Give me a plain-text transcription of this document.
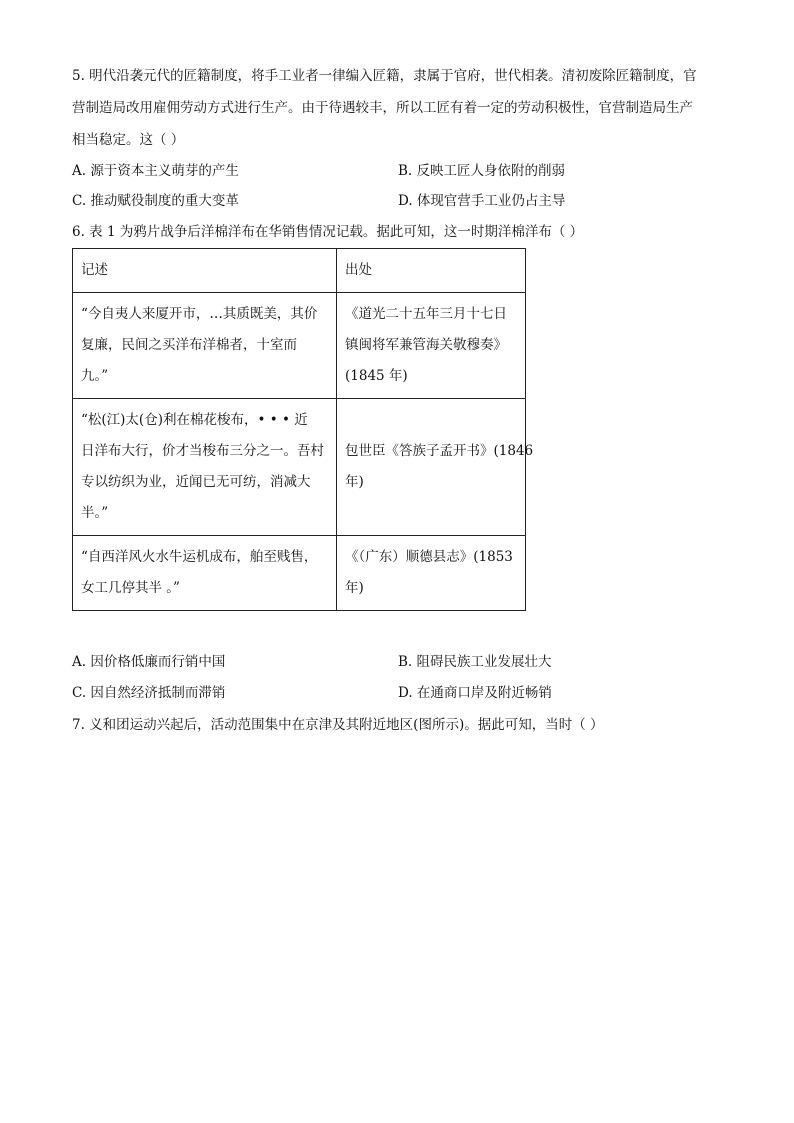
5. 明代沿袭元代的匠籍制度，将手工业者一律编入匠籍，隶属于官府，世代相袭。清初废除匠籍制度，官
营制造局改用雇佣劳动方式进行生产。由于待遇较丰，所以工匠有着一定的劳动积极性，官营制造局生产
相当稳定。这（ ）
A. 源于资本主义萌芽的产生	B. 反映工匠人身依附的削弱
C. 推动赋役制度的重大变革	D. 体现官营手工业仍占主导
6. 表 1 为鸦片战争后洋棉洋布在华销售情况记载。据此可知，这一时期洋棉洋布（ ）
记述	出处

“今自夷人来厦开市，…其质既美，其价
复廉，民间之买洋布洋棉者，十室而
九。”	《道光二十五年三月十七日
镇闽将军兼管海关敬穆奏》
(1845 年)

“松(江)太(仓)利在棉花梭布，• • • 近
日洋布大行，价才当梭布三分之一。吾村
专以纺织为业，近闻已无可纺，消减大
半。”	包世臣《答族子孟开书》(1846
年)

“自西洋风火水牛运机成布，舶至贱售，
女工几停其半 。”	《（广东）顺德县志》(1853
年)
A. 因价格低廉而行销中国	B. 阻碍民族工业发展壮大
C. 因自然经济抵制而滞销	D. 在通商口岸及附近畅销
7. 义和团运动兴起后，活动范围集中在京津及其附近地区(图所示)。据此可知，当时（ ）
